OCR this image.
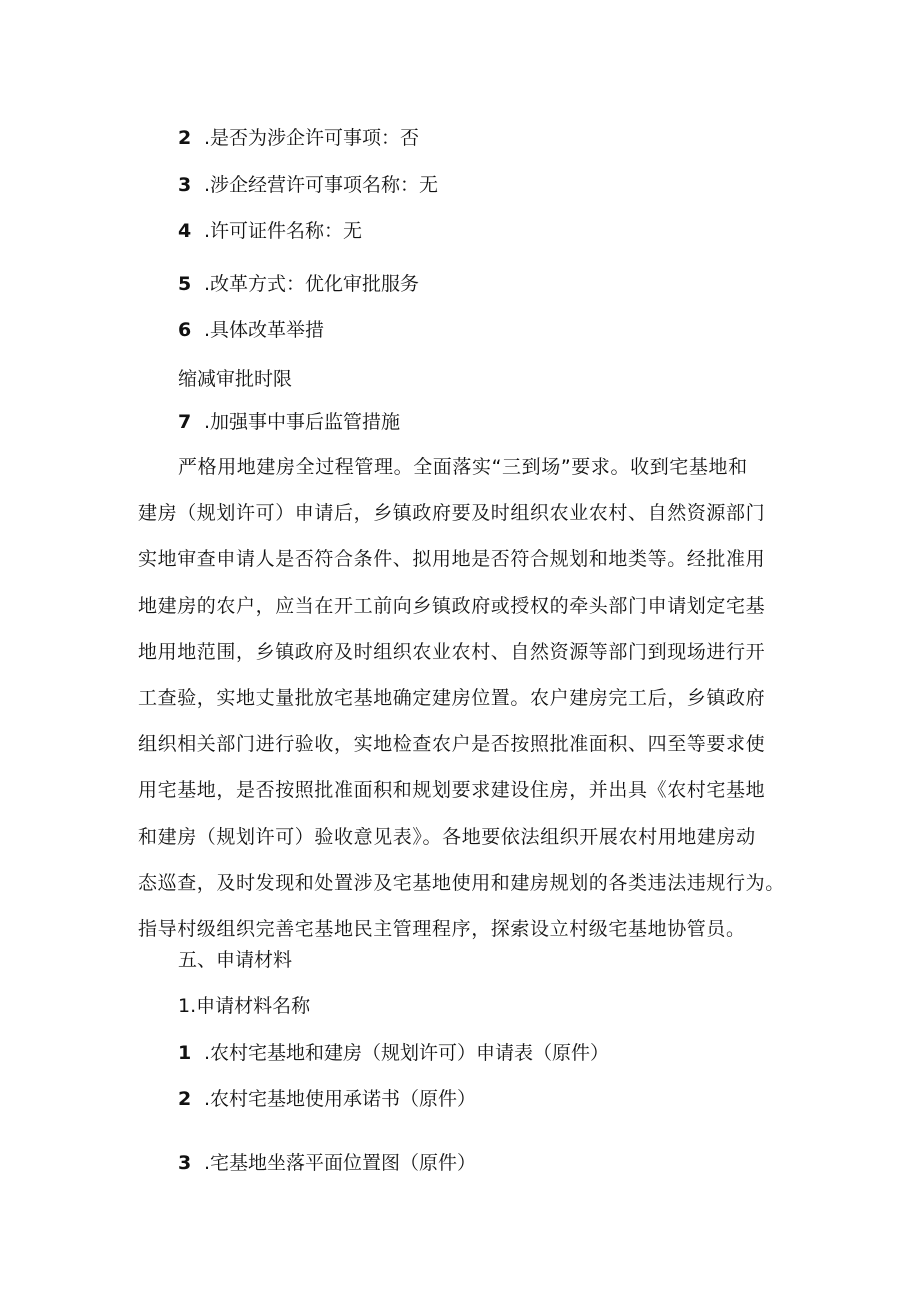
2 .是否为涉企许可事项：否
3 .涉企经营许可事项名称：无
4 .许可证件名称：无
5 .改革方式：优化审批服务
6 .具体改革举措
缩减审批时限
7 .加强事中事后监管措施
严格用地建房全过程管理。全面落实“三到场”要求。收到宅基地和
建房（规划许可）申请后，乡镇政府要及时组织农业农村、自然资源部门
实地审查申请人是否符合条件、拟用地是否符合规划和地类等。经批准用
地建房的农户，应当在开工前向乡镇政府或授权的牵头部门申请划定宅基
地用地范围，乡镇政府及时组织农业农村、自然资源等部门到现场进行开
工查验，实地丈量批放宅基地确定建房位置。农户建房完工后，乡镇政府
组织相关部门进行验收，实地检查农户是否按照批准面积、四至等要求使
用宅基地，是否按照批准面积和规划要求建设住房，并出具《农村宅基地
和建房（规划许可）验收意见表》。各地要依法组织开展农村用地建房动
态巡查，及时发现和处置涉及宅基地使用和建房规划的各类违法违规行为。
指导村级组织完善宅基地民主管理程序，探索设立村级宅基地协管员。
五、申请材料
1.申请材料名称
1 .农村宅基地和建房（规划许可）申请表（原件）
2 .农村宅基地使用承诺书（原件）
3 .宅基地坐落平面位置图（原件）
